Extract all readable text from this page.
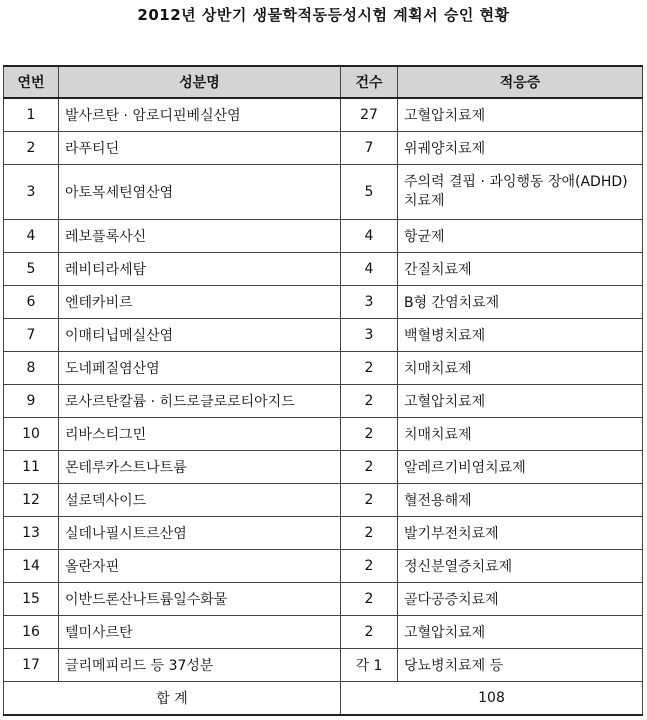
2012년 상반기 생물학적동등성시험 계획서 승인 현황
연번	성분명	건수	적응증
1	발사르탄 · 암로디핀베실산염	27	고혈압치료제
2	라푸티딘	7	위궤양치료제
3	아토목세틴염산염	5	주의력 결핍 · 과잉행동 장애(ADHD) 치료제
4	레보플록사신	4	항균제
5	레비티라세탐	4	간질치료제
6	엔테카비르	3	B형 간염치료제
7	이매티닙메실산염	3	백혈병치료제
8	도네페질염산염	2	치매치료제
9	로사르탄칼륨 · 히드로클로로티아지드	2	고혈압치료제
10	리바스티그민	2	치매치료제
11	몬테루카스트나트륨	2	알레르기비염치료제
12	설로덱사이드	2	혈전용해제
13	실데나필시트르산염	2	발기부전치료제
14	올란자핀	2	정신분열증치료제
15	이반드론산나트륨일수화물	2	골다공증치료제
16	텔미사르탄	2	고혈압치료제
17	글리메피리드 등 37성분	각 1	당뇨병치료제 등
합 계		108	
